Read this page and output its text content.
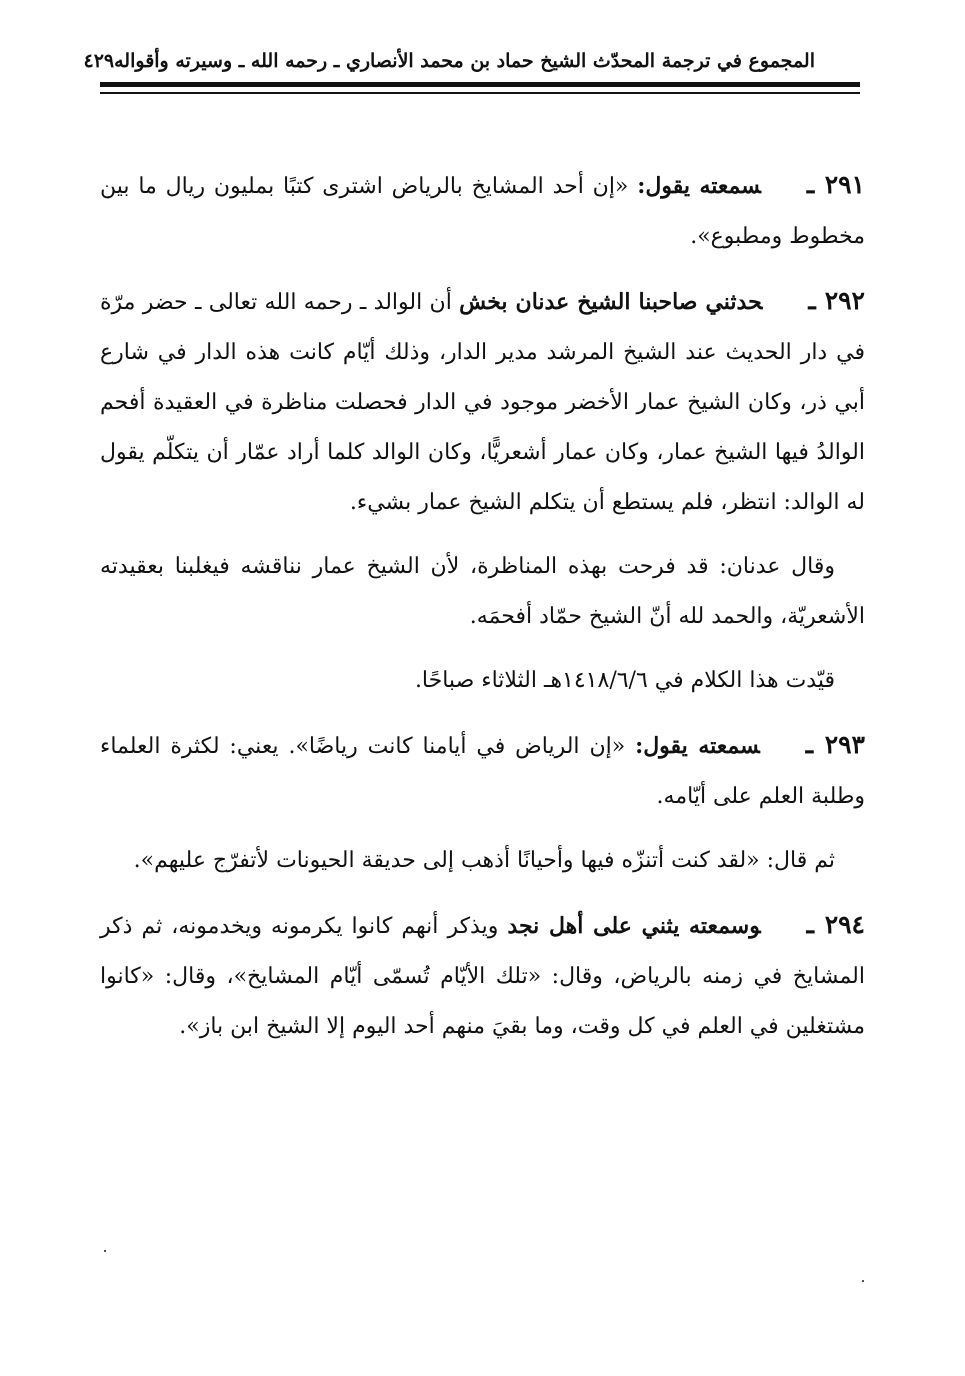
المجموع في ترجمة المحدّث الشيخ حماد بن محمد الأنصاري ـ رحمه الله ـ وسيرته وأقواله
٤٢٩

٢٩١ ـسمعته يقول: «إن أحد المشايخ بالرياض اشترى كتبًا بمليون ريال ما بين مخطوط ومطبوع».

٢٩٢ ـحدثني صاحبنا الشيخ عدنان بخش أن الوالد ـ رحمه الله تعالى ـ حضر مرّة في دار الحديث عند الشيخ المرشد مدير الدار، وذلك أيّام كانت هذه الدار في شارع أبي ذر، وكان الشيخ عمار الأخضر موجود في الدار فحصلت مناظرة في العقيدة أفحم الوالدُ فيها الشيخ عمار، وكان عمار أشعريًّا، وكان الوالد كلما أراد عمّار أن يتكلّم يقول له الوالد: انتظر، فلم يستطع أن يتكلم الشيخ عمار بشيء.

وقال عدنان: قد فرحت بهذه المناظرة، لأن الشيخ عمار نناقشه فيغلبنا بعقيدته الأشعريّة، والحمد لله أنّ الشيخ حمّاد أفحمَه.

قيّدت هذا الكلام في ١٤١٨/٦/٦هـ الثلاثاء صباحًا.

٢٩٣ ـسمعته يقول: «إن الرياض في أيامنا كانت رياضًا». يعني: لكثرة العلماء وطلبة العلم على أيّامه.

ثم قال: «لقد كنت أتنزّه فيها وأحيانًا أذهب إلى حديقة الحيونات لأتفرّج عليهم».

٢٩٤ ـوسمعته يثني على أهل نجد ويذكر أنهم كانوا يكرمونه ويخدمونه، ثم ذكر المشايخ في زمنه بالرياض، وقال: «تلك الأيّام تُسمّى أيّام المشايخ»، وقال: «كانوا مشتغلين في العلم في كل وقت، وما بقيَ منهم أحد اليوم إلا الشيخ ابن باز».
